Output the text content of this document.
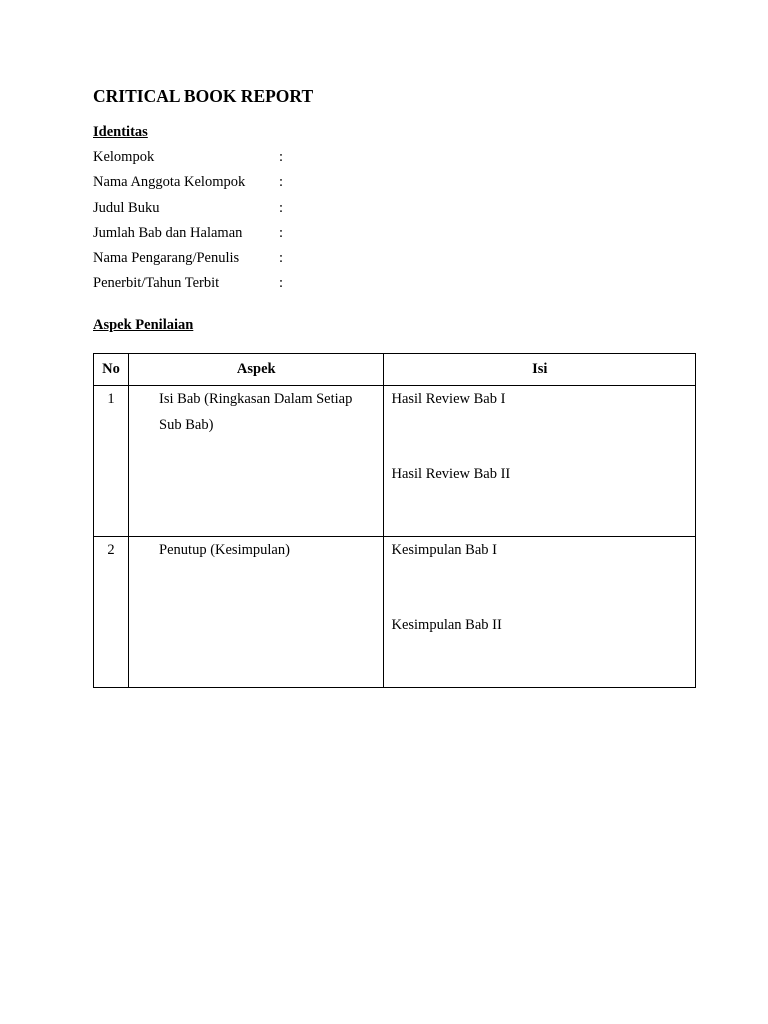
CRITICAL BOOK REPORT
Identitas
Kelompok	:
Nama Anggota Kelompok :
Judul Buku	:
Jumlah Bab dan Halaman	:
Nama Pengarang/Penulis	:
Penerbit/Tahun Terbit	:
Aspek Penilaian
No	Aspek	Isi

1	Isi Bab (Ringkasan Dalam Setiap Sub Bab)	Hasil Review Bab I
Hasil Review Bab II

2	Penutup (Kesimpulan)	Kesimpulan Bab I
Kesimpulan Bab II
